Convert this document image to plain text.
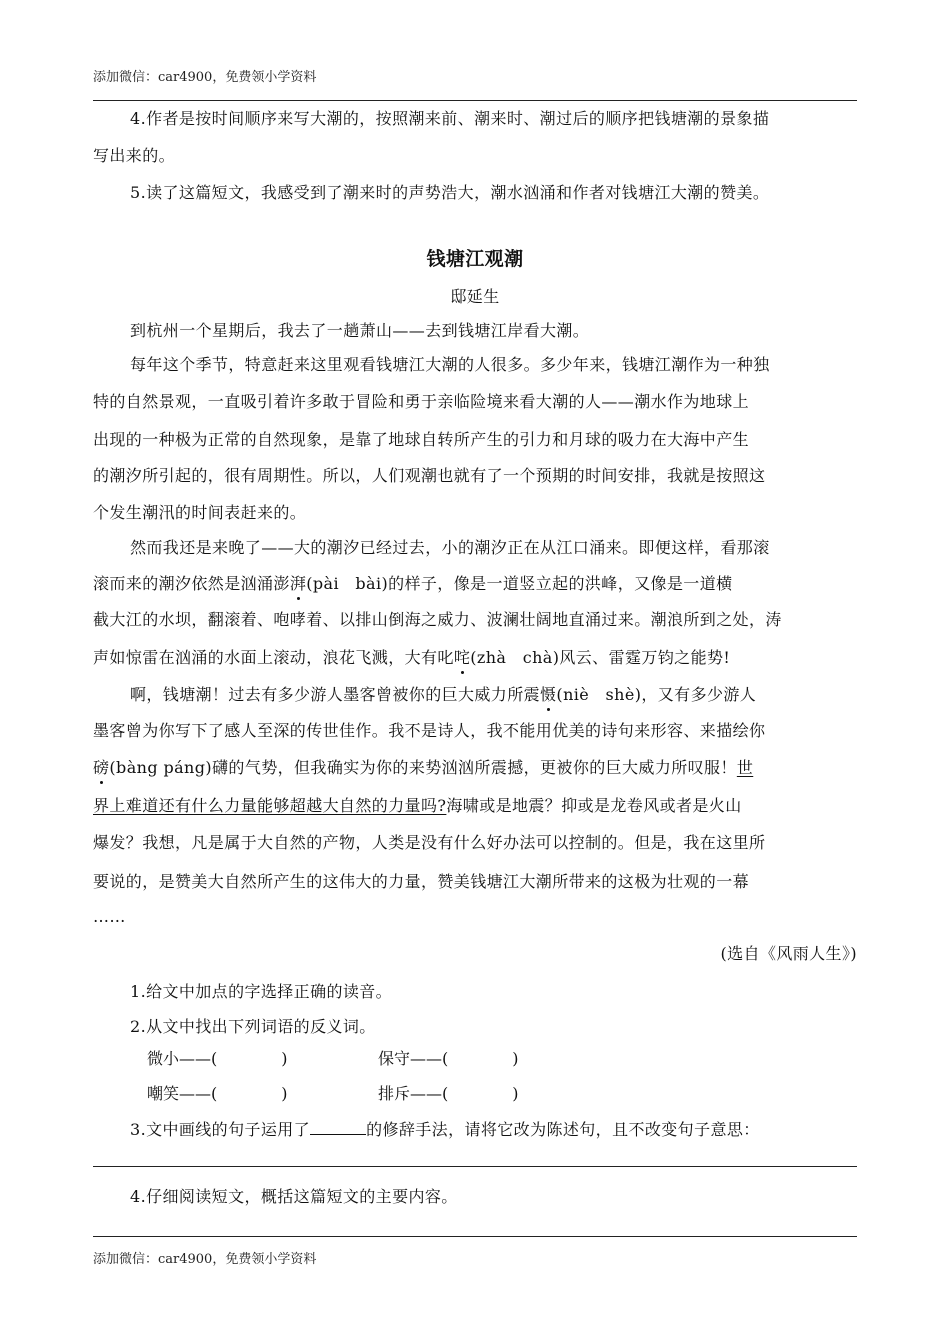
添加微信：car4900，免费领小学资料
4.作者是按时间顺序来写大潮的，按照潮来前、潮来时、潮过后的顺序把钱塘潮的景象描
写出来的。
5.读了这篇短文，我感受到了潮来时的声势浩大，潮水汹涌和作者对钱塘江大潮的赞美。
钱塘江观潮
邸延生
到杭州一个星期后，我去了一趟萧山——去到钱塘江岸看大潮。
每年这个季节，特意赶来这里观看钱塘江大潮的人很多。多少年来，钱塘江潮作为一种独
特的自然景观，一直吸引着许多敢于冒险和勇于亲临险境来看大潮的人——潮水作为地球上
出现的一种极为正常的自然现象，是靠了地球自转所产生的引力和月球的吸力在大海中产生
的潮汐所引起的，很有周期性。所以，人们观潮也就有了一个预期的时间安排，我就是按照这
个发生潮汛的时间表赶来的。
然而我还是来晚了——大的潮汐已经过去，小的潮汐正在从江口涌来。即便这样，看那滚
滚而来的潮汐依然是汹涌澎湃(pài　bài)的样子，像是一道竖立起的洪峰，又像是一道横
截大江的水坝，翻滚着、咆哮着、以排山倒海之威力、波澜壮阔地直涌过来。潮浪所到之处，涛
声如惊雷在汹涌的水面上滚动，浪花飞溅，大有叱咤(zhà　chà)风云、雷霆万钧之能势!
啊，钱塘潮！过去有多少游人墨客曾被你的巨大威力所震慑(niè　shè)，又有多少游人
墨客曾为你写下了感人至深的传世佳作。我不是诗人，我不能用优美的诗句来形容、来描绘你
磅(bàng páng)礴的气势，但我确实为你的来势汹汹所震撼，更被你的巨大威力所叹服！世
界上难道还有什么力量能够超越大自然的力量吗?海啸或是地震？抑或是龙卷风或者是火山
爆发？我想，凡是属于大自然的产物，人类是没有什么好办法可以控制的。但是，我在这里所
要说的，是赞美大自然所产生的这伟大的力量，赞美钱塘江大潮所带来的这极为壮观的一幕
……
(选自《风雨人生》)
1.给文中加点的字选择正确的读音。
2.从文中找出下列词语的反义词。
微小——(　　　　)	保守——(　　　　)
嘲笑——(　　　　)	排斥——(　　　　)
3.文中画线的句子运用了	的修辞手法，请将它改为陈述句，且不改变句子意思：
4.仔细阅读短文，概括这篇短文的主要内容。
添加微信：car4900，免费领小学资料
